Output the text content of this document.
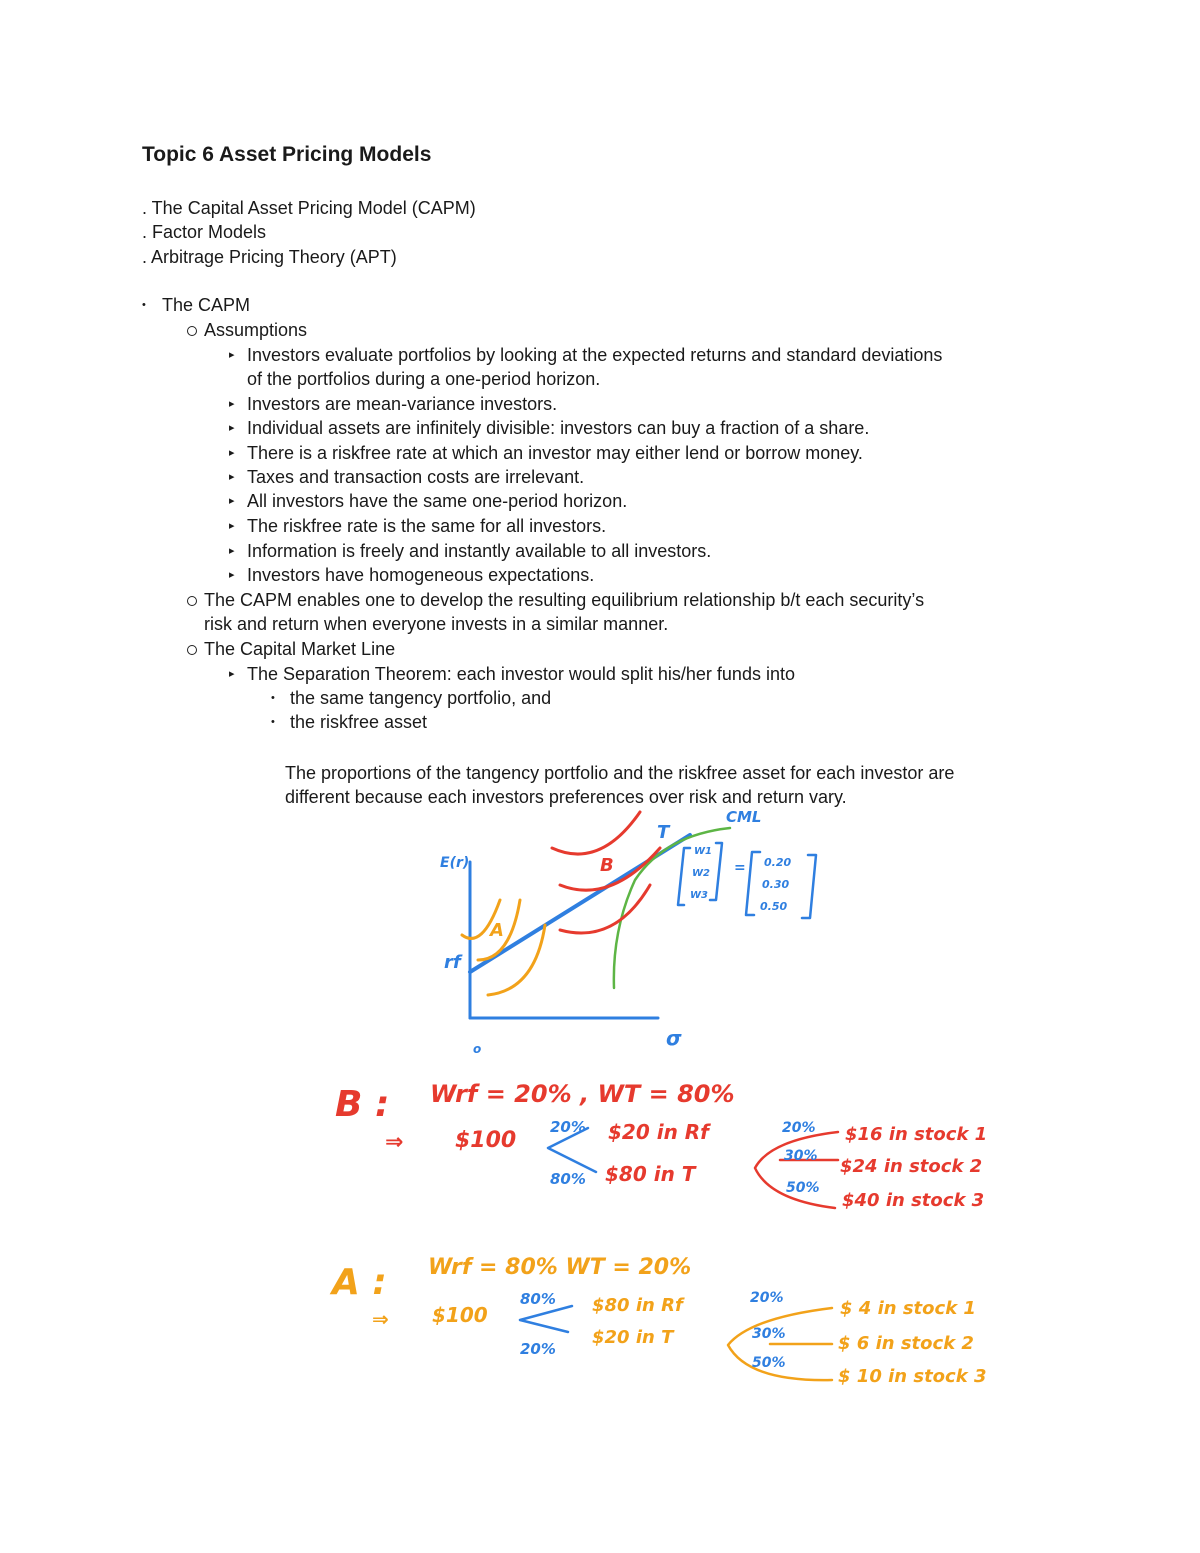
Topic 6 Asset Pricing Models
. The Capital Asset Pricing Model (CAPM)
. Factor Models
. Arbitrage Pricing Theory (APT)
• The CAPM
Assumptions
▸ Investors evaluate portfolios by looking at the expected returns and standard deviations
of the portfolios during a one-period horizon.
▸ Investors are mean-variance investors.
▸ Individual assets are infinitely divisible: investors can buy a fraction of a share.
▸ There is a riskfree rate at which an investor may either lend or borrow money.
▸ Taxes and transaction costs are irrelevant.
▸ All investors have the same one-period horizon.
▸ The riskfree rate is the same for all investors.
▸ Information is freely and instantly available to all investors.
▸ Investors have homogeneous expectations.
The CAPM enables one to develop the resulting equilibrium relationship b/t each security’s
risk and return when everyone invests in a similar manner.
The Capital Market Line
▸ The Separation Theorem: each investor would split his/her funds into
• the same tangency portfolio, and
• the riskfree asset
The proportions of the tangency portfolio and the riskfree asset for each investor are
different because each investors preferences over risk and return vary.
E(r)
rf
σ
o
A
B
T
CML
W1
W2
W3
= 0.20
0.30
0.50
B : Wrf = 20% , WT = 80%
⇒ $100
20%
80%
$20 in Rf
$80 in T
20%
30%
50%
$16 in stock 1
$24 in stock 2
$40 in stock 3
A : Wrf = 80% WT = 20%
⇒ $100
80%
20%
$80 in Rf
$20 in T
20%
30%
50%
$ 4 in stock 1
$ 6 in stock 2
$ 10 in stock 3
